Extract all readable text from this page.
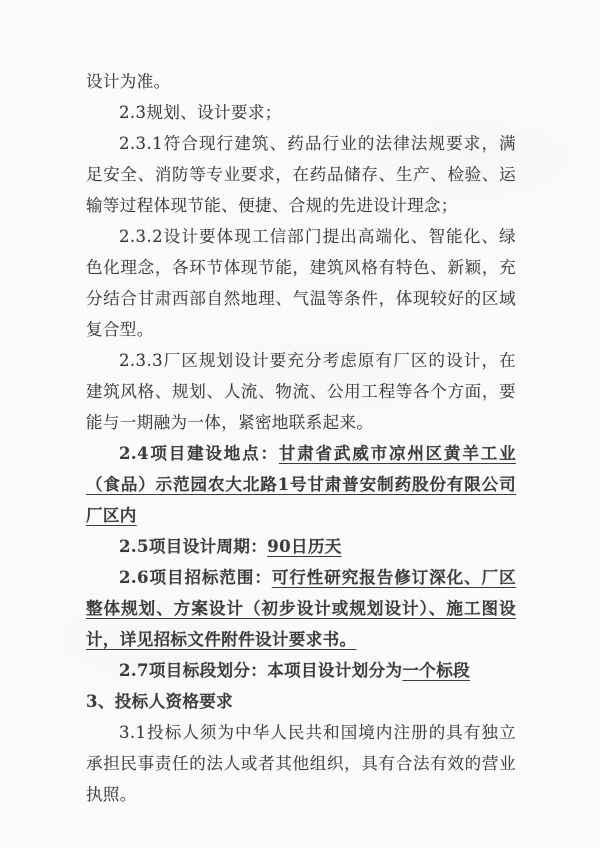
设计为准。

2.3规划、设计要求；

2.3.1符合现行建筑、药品行业的法律法规要求，满足安全、消防等专业要求，在药品储存、生产、检验、运输等过程体现节能、便捷、合规的先进设计理念；

2.3.2设计要体现工信部门提出高端化、智能化、绿色化理念，各环节体现节能，建筑风格有特色、新颖，充分结合甘肃西部自然地理、气温等条件，体现较好的区域复合型。

2.3.3厂区规划设计要充分考虑原有厂区的设计，在建筑风格、规划、人流、物流、公用工程等各个方面，要能与一期融为一体，紧密地联系起来。

2.4项目建设地点：甘肃省武威市凉州区黄羊工业（食品）示范园农大北路1号甘肃普安制药股份有限公司厂区内

2.5项目设计周期：90日历天

2.6项目招标范围：可行性研究报告修订深化、厂区整体规划、方案设计（初步设计或规划设计）、施工图设计，详见招标文件附件设计要求书。

2.7项目标段划分：本项目设计划分为一个标段

3、投标人资格要求

3.1投标人须为中华人民共和国境内注册的具有独立承担民事责任的法人或者其他组织，具有合法有效的营业执照。
